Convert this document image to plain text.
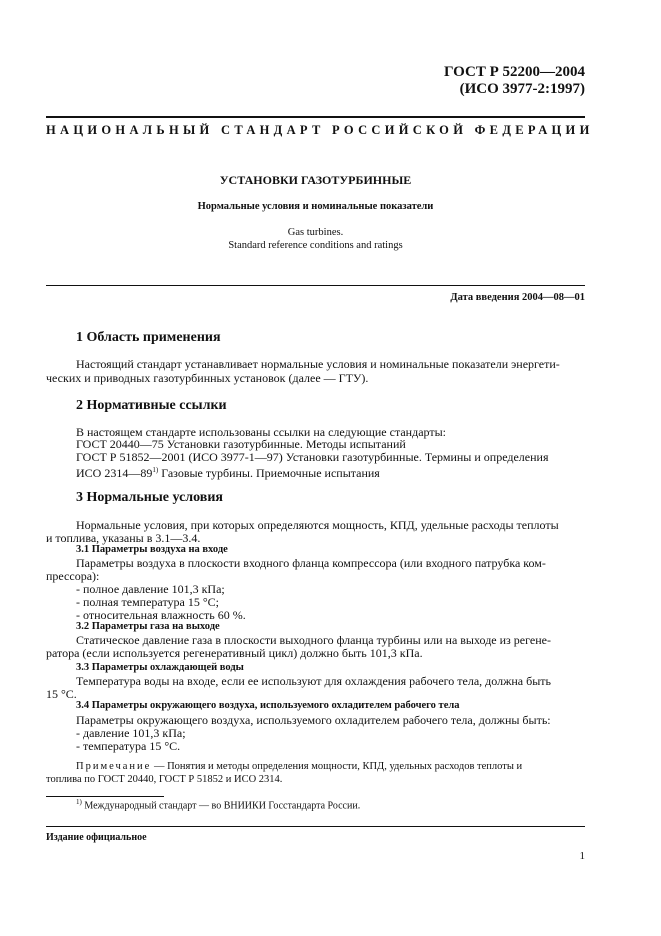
ГОСТ Р 52200—2004
(ИСО 3977-2:1997)
НАЦИОНАЛЬНЫЙ СТАНДАРТ РОССИЙСКОЙ ФЕДЕРАЦИИ
УСТАНОВКИ ГАЗОТУРБИННЫЕ
Нормальные условия и номинальные показатели
Gas turbines.
Standard reference conditions and ratings
Дата введения 2004—08—01
1 Область применения
Настоящий стандарт устанавливает нормальные условия и номинальные показатели энергети-
ческих и приводных газотурбинных установок (далее — ГТУ).
2 Нормативные ссылки
В настоящем стандарте использованы ссылки на следующие стандарты:
ГОСТ 20440—75 Установки газотурбинные. Методы испытаний
ГОСТ Р 51852—2001 (ИСО 3977-1—97) Установки газотурбинные. Термины и определения
ИСО 2314—89$^{1)}$ Газовые турбины. Приемочные испытания
3 Нормальные условия
Нормальные условия, при которых определяются мощность, КПД, удельные расходы теплоты
и топлива, указаны в 3.1—3.4.
3.1 Параметры воздуха на входе
Параметры воздуха в плоскости входного фланца компрессора (или входного патрубка ком-
прессора):
- полное давление 101,3 кПа;
- полная температура 15 °С;
- относительная влажность 60 %.
3.2 Параметры газа на выходе
Статическое давление газа в плоскости выходного фланца турбины или на выходе из регене-
ратора (если используется регенеративный цикл) должно быть 101,3 кПа.
3.3 Параметры охлаждающей воды
Температура воды на входе, если ее используют для охлаждения рабочего тела, должна быть
15 °С.
3.4 Параметры окружающего воздуха, используемого охладителем рабочего тела
Параметры окружающего воздуха, используемого охладителем рабочего тела, должны быть:
- давление 101,3 кПа;
- температура 15 °С.
Примечание — Понятия и методы определения мощности, КПД, удельных расходов теплоты и
топлива по ГОСТ 20440, ГОСТ Р 51852 и ИСО 2314.
$^{1)}$ Международный стандарт — во ВНИИКИ Госстандарта России.
Издание официальное
1
